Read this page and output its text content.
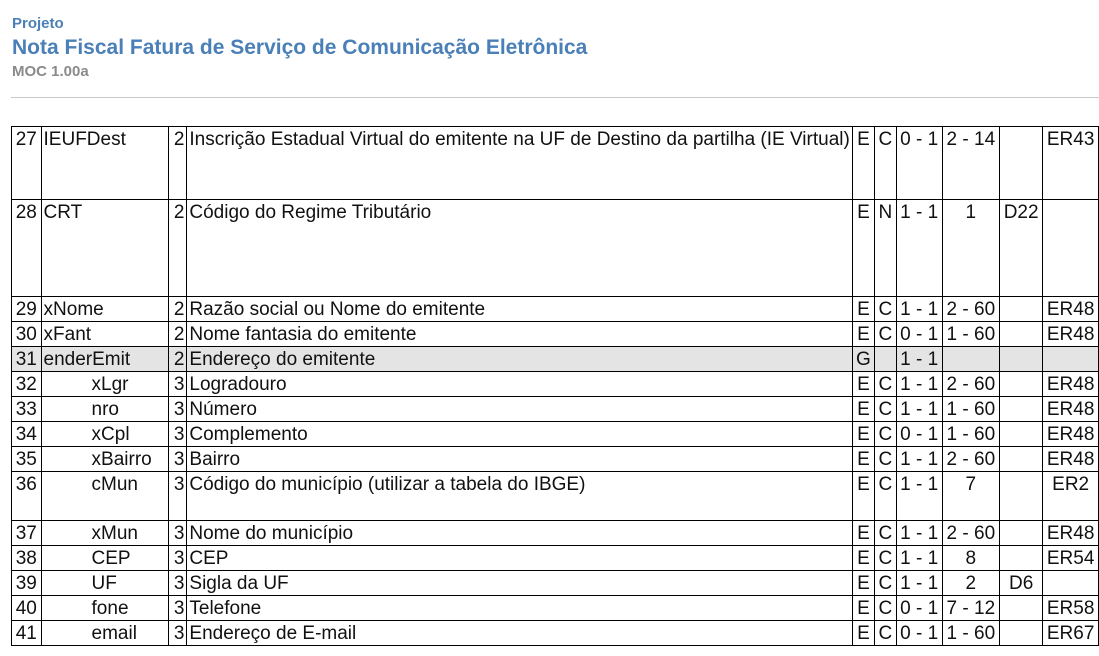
Projeto
Nota Fiscal Fatura de Serviço de Comunicação Eletrônica
MOC 1.00a
27	IEUFDest	2	Inscrição Estadual Virtual do emitente na UF de Destino da partilha (IE Virtual)	E	C	0 - 1	2 - 14		ER43
28	CRT	2	Código do Regime Tributário	E	N	1 - 1	1	D22	
29	xNome	2	Razão social ou Nome do emitente	E	C	1 - 1	2 - 60		ER48
30	xFant	2	Nome fantasia do emitente	E	C	0 - 1	1 - 60		ER48
31	enderEmit	2	Endereço do emitente	G		1 - 1			
32	xLgr	3	Logradouro	E	C	1 - 1	2 - 60		ER48
33	nro	3	Número	E	C	1 - 1	1 - 60		ER48
34	xCpl	3	Complemento	E	C	0 - 1	1 - 60		ER48
35	xBairro	3	Bairro	E	C	1 - 1	2 - 60		ER48
36	cMun	3	Código do município (utilizar a tabela do IBGE)	E	C	1 - 1	7		ER2
37	xMun	3	Nome do município	E	C	1 - 1	2 - 60		ER48
38	CEP	3	CEP	E	C	1 - 1	8		ER54
39	UF	3	Sigla da UF	E	C	1 - 1	2	D6	
40	fone	3	Telefone	E	C	0 - 1	7 - 12		ER58
41	email	3	Endereço de E-mail	E	C	0 - 1	1 - 60		ER67
